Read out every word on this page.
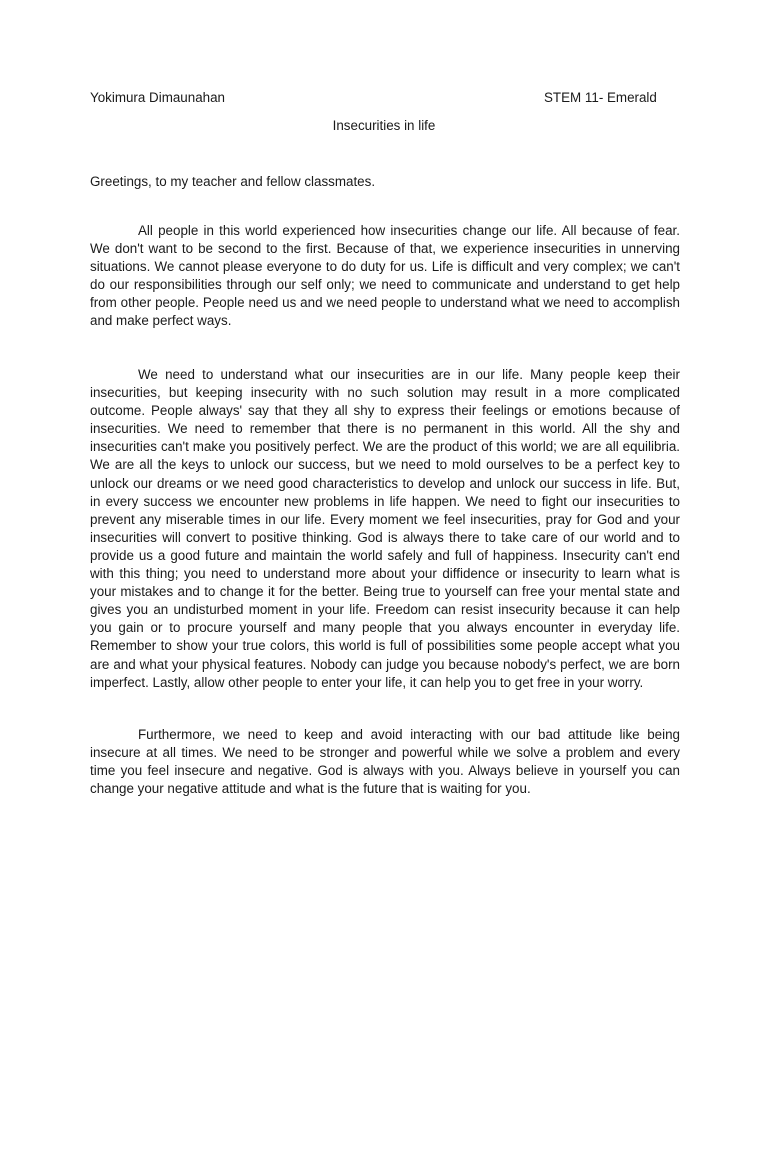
Yokimura Dimaunahan	STEM 11- Emerald
Insecurities in life
Greetings, to my teacher and fellow classmates.

All people in this world experienced how insecurities change our life. All because of fear. We don't want to be second to the first. Because of that, we experience insecurities in unnerving situations. We cannot please everyone to do duty for us. Life is difficult and very complex; we can't do our responsibilities through our self only; we need to communicate and understand to get help from other people. People need us and we need people to understand what we need to accomplish and make perfect ways.

We need to understand what our insecurities are in our life. Many people keep their insecurities, but keeping insecurity with no such solution may result in a more complicated outcome. People always' say that they all shy to express their feelings or emotions because of insecurities. We need to remember that there is no permanent in this world. All the shy and insecurities can't make you positively perfect. We are the product of this world; we are all equilibria. We are all the keys to unlock our success, but we need to mold ourselves to be a perfect key to unlock our dreams or we need good characteristics to develop and unlock our success in life. But, in every success we encounter new problems in life happen. We need to fight our insecurities to prevent any miserable times in our life. Every moment we feel insecurities, pray for God and your insecurities will convert to positive thinking. God is always there to take care of our world and to provide us a good future and maintain the world safely and full of happiness. Insecurity can't end with this thing; you need to understand more about your diffidence or insecurity to learn what is your mistakes and to change it for the better. Being true to yourself can free your mental state and gives you an undisturbed moment in your life. Freedom can resist insecurity because it can help you gain or to procure yourself and many people that you always encounter in everyday life. Remember to show your true colors, this world is full of possibilities some people accept what you are and what your physical features. Nobody can judge you because nobody's perfect, we are born imperfect. Lastly, allow other people to enter your life, it can help you to get free in your worry.

Furthermore, we need to keep and avoid interacting with our bad attitude like being insecure at all times. We need to be stronger and powerful while we solve a problem and every time you feel insecure and negative. God is always with you. Always believe in yourself you can change your negative attitude and what is the future that is waiting for you.
